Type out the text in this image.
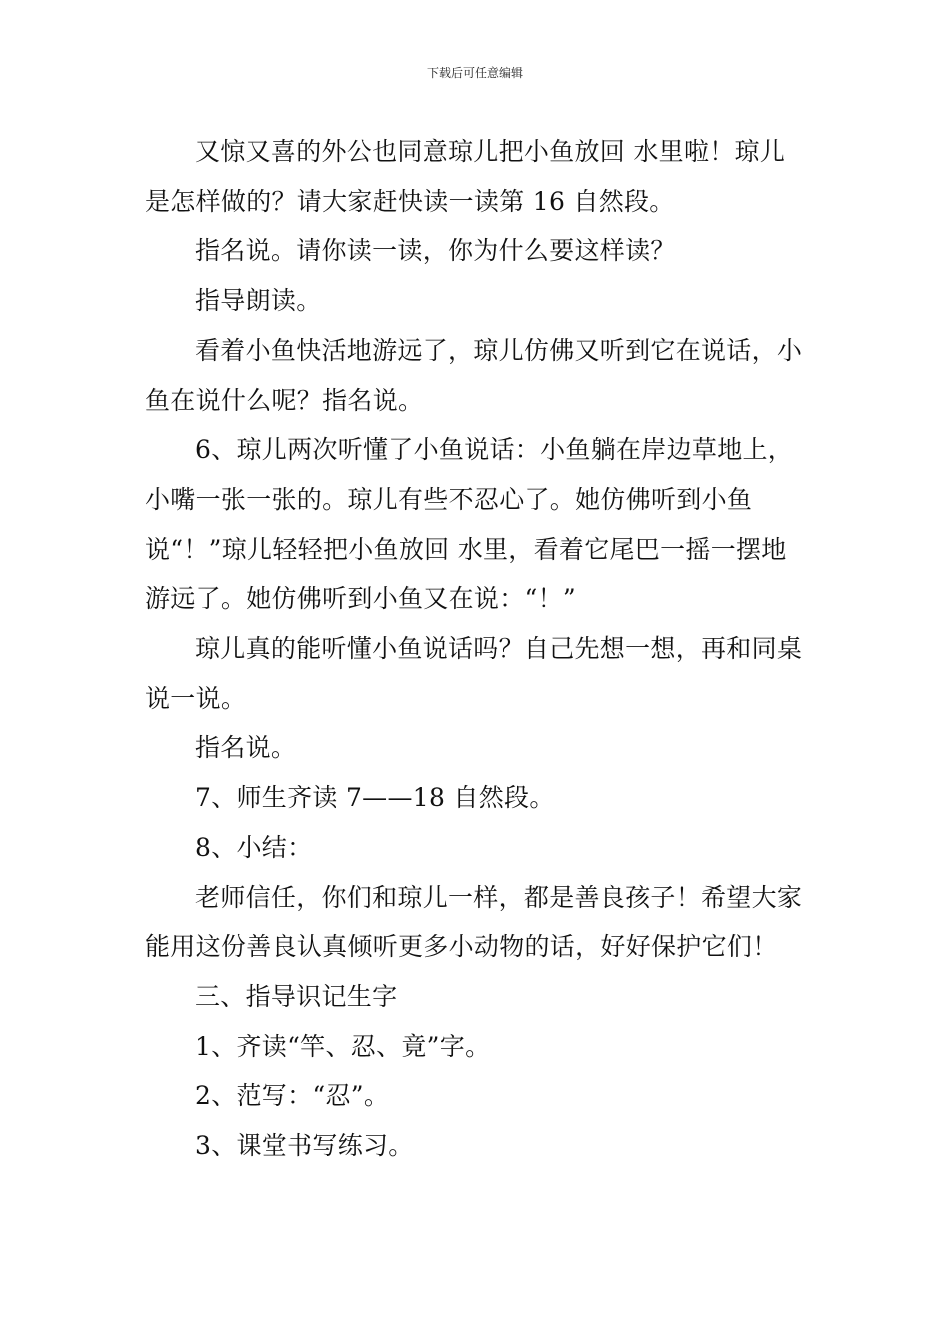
下载后可任意编辑

又惊又喜的外公也同意琼儿把小鱼放回 水里啦！琼儿是怎样做的？请大家赶快读一读第 16 自然段。

指名说。请你读一读，你为什么要这样读？

指导朗读。

看着小鱼快活地游远了，琼儿仿佛又听到它在说话，小鱼在说什么呢？指名说。

6、琼儿两次听懂了小鱼说话：小鱼躺在岸边草地上，小嘴一张一张的。琼儿有些不忍心了。她仿佛听到小鱼说“！”琼儿轻轻把小鱼放回 水里，看着它尾巴一摇一摆地游远了。她仿佛听到小鱼又在说：“！”

琼儿真的能听懂小鱼说话吗？自己先想一想，再和同桌说一说。

指名说。

7、师生齐读 7——18 自然段。

8、小结：

老师信任，你们和琼儿一样，都是善良孩子！希望大家能用这份善良认真倾听更多小动物的话，好好保护它们！

三、指导识记生字

1、齐读“竿、忍、竟”字。

2、范写：“忍”。

3、课堂书写练习。
